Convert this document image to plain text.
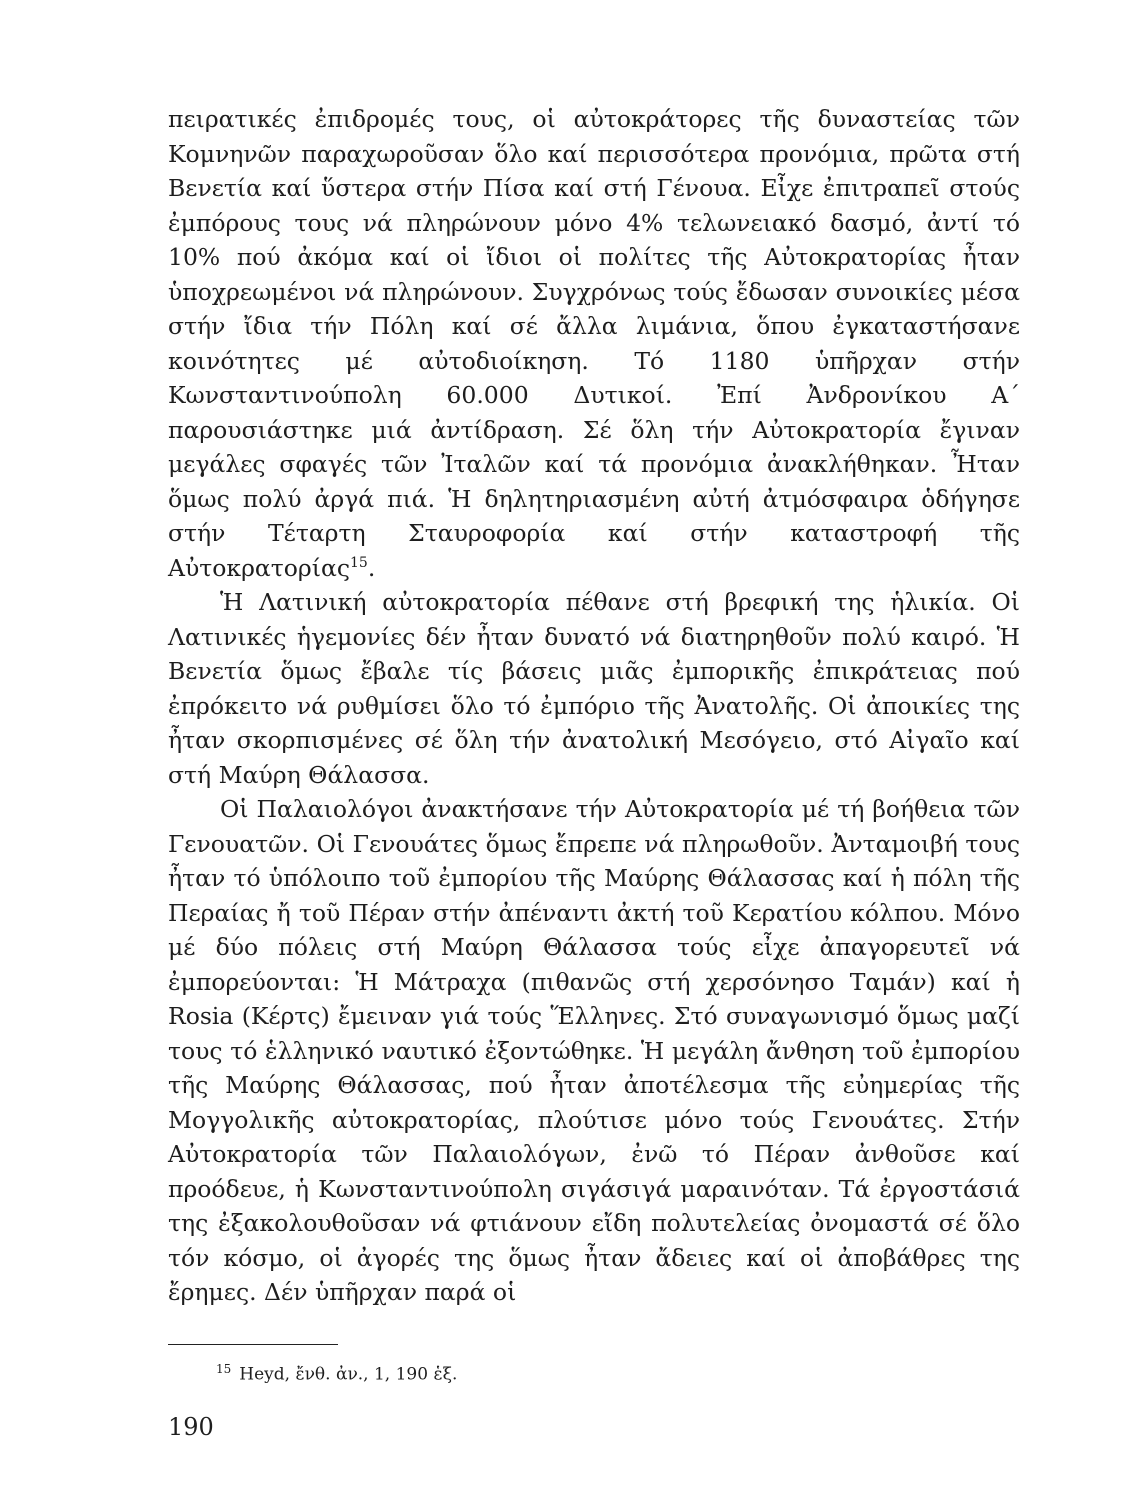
πειρατικές ἐπιδρομές τους, οἱ αὐτοκράτορες τῆς δυναστείας τῶν Κομνηνῶν παραχωροῦσαν ὅλο καί περισσότερα προνόμια, πρῶτα στή Βενετία καί ὕστερα στήν Πίσα καί στή Γένουα. Εἶχε ἐπιτραπεῖ στούς ἐμπόρους τους νά πληρώνουν μόνο 4% τελωνειακό δασμό, ἀντί τό 10% πού ἀκόμα καί οἱ ἴδιοι οἱ πολίτες τῆς Αὐτοκρατορίας ἦταν ὑποχρεωμένοι νά πληρώνουν. Συγχρόνως τούς ἔδωσαν συνοικίες μέσα στήν ἴδια τήν Πόλη καί σέ ἄλλα λιμάνια, ὅπου ἐγκαταστήσανε κοινότητες μέ αὐτοδιοίκηση. Τό 1180 ὑπῆρχαν στήν Κωνσταντινούπολη 60.000 Δυτικοί. Ἐπί Ἀνδρονίκου Α΄ παρουσιάστηκε μιά ἀντίδραση. Σέ ὅλη τήν Αὐτοκρατορία ἔγιναν μεγάλες σφαγές τῶν Ἰταλῶν καί τά προνόμια ἀνακλήθηκαν. Ἦταν ὅμως πολύ ἀργά πιά. Ἡ δηλητηριασμένη αὐτή ἀτμόσφαιρα ὁδήγησε στήν Τέταρτη Σταυροφορία καί στήν καταστροφή τῆς Αὐτοκρατορίας$^{15}$.

Ἡ Λατινική αὐτοκρατορία πέθανε στή βρεφική της ἡλικία. Οἱ Λατινικές ἡγεμονίες δέν ἦταν δυνατό νά διατηρηθοῦν πολύ καιρό. Ἡ Βενετία ὅμως ἔβαλε τίς βάσεις μιᾶς ἐμπορικῆς ἐπικράτειας πού ἐπρόκειτο νά ρυθμίσει ὅλο τό ἐμπόριο τῆς Ἀνατολῆς. Οἱ ἀποικίες της ἦταν σκορπισμένες σέ ὅλη τήν ἀνατολική Μεσόγειο, στό Αἰγαῖο καί στή Μαύρη Θάλασσα.

Οἱ Παλαιολόγοι ἀνακτήσανε τήν Αὐτοκρατορία μέ τή βοήθεια τῶν Γενουατῶν. Οἱ Γενουάτες ὅμως ἔπρεπε νά πληρωθοῦν. Ἀνταμοιβή τους ἦταν τό ὑπόλοιπο τοῦ ἐμπορίου τῆς Μαύρης Θάλασσας καί ἡ πόλη τῆς Περαίας ἤ τοῦ Πέραν στήν ἀπέναντι ἀκτή τοῦ Κερατίου κόλπου. Μόνο μέ δύο πόλεις στή Μαύρη Θάλασσα τούς εἶχε ἀπαγορευτεῖ νά ἐμπορεύονται: Ἡ Μάτραχα (πιθανῶς στή χερσόνησο Ταμάν) καί ἡ Rosia (Κέρτς) ἔμειναν γιά τούς Ἕλληνες. Στό συναγωνισμό ὅμως μαζί τους τό ἑλληνικό ναυτικό ἐξοντώθηκε. Ἡ μεγάλη ἄνθηση τοῦ ἐμπορίου τῆς Μαύρης Θάλασσας, πού ἦταν ἀποτέλεσμα τῆς εὐημερίας τῆς Μογγολικῆς αὐτοκρατορίας, πλούτισε μόνο τούς Γενουάτες. Στήν Αὐτοκρατορία τῶν Παλαιολόγων, ἐνῶ τό Πέραν ἀνθοῦσε καί προόδευε, ἡ Κωνσταντινούπολη σιγάσιγά μαραινόταν. Τά ἐργοστάσιά της ἐξακολουθοῦσαν νά φτιάνουν εἴδη πολυτελείας ὀνομαστά σέ ὅλο τόν κόσμο, οἱ ἀγορές της ὅμως ἦταν ἄδειες καί οἱ ἀποβάθρες της ἔρημες. Δέν ὑπῆρχαν παρά οἱ

$^{15}$ Heyd, ἔνθ. ἀν., 1, 190 ἑξ.
190
